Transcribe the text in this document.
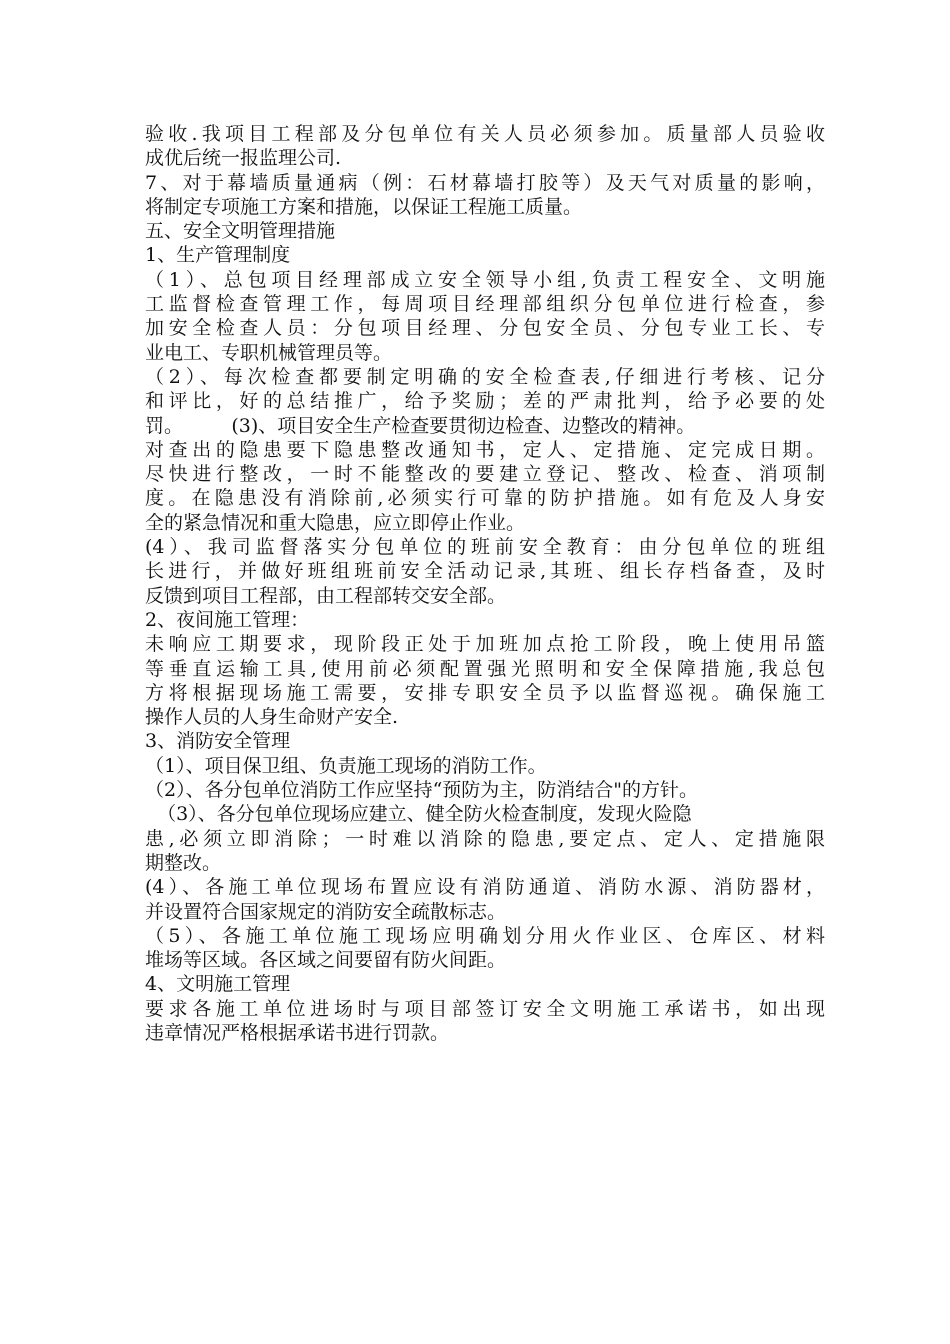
验收.我项目工程部及分包单位有关人员必须参加。质量部人员验收
成优后统一报监理公司.
7、对于幕墙质量通病（例：石材幕墙打胶等）及天气对质量的影响，
将制定专项施工方案和措施，以保证工程施工质量。
五、安全文明管理措施
1、生产管理制度
（1）、总包项目经理部成立安全领导小组,负责工程安全、文明施
工监督检查管理工作，每周项目经理部组织分包单位进行检查，参
加安全检查人员：分包项目经理、分包安全员、分包专业工长、专
业电工、专职机械管理员等。
（2）、每次检查都要制定明确的安全检查表,仔细进行考核、记分
和评比，好的总结推广，给予奖励；差的严肃批判，给予必要的处
罚。        (3)、项目安全生产检查要贯彻边检查、边整改的精神。
对查出的隐患要下隐患整改通知书，定人、定措施、定完成日期。
尽快进行整改，一时不能整改的要建立登记、整改、检查、消项制
度。在隐患没有消除前,必须实行可靠的防护措施。如有危及人身安
全的紧急情况和重大隐患，应立即停止作业。
(4）、我司监督落实分包单位的班前安全教育：由分包单位的班组
长进行，并做好班组班前安全活动记录,其班、组长存档备查，及时
反馈到项目工程部，由工程部转交安全部。
2、夜间施工管理：
未响应工期要求，现阶段正处于加班加点抢工阶段，晚上使用吊篮
等垂直运输工具,使用前必须配置强光照明和安全保障措施,我总包
方将根据现场施工需要，安排专职安全员予以监督巡视。确保施工
操作人员的人身生命财产安全.
3、消防安全管理
（1）、项目保卫组、负责施工现场的消防工作。
（2）、各分包单位消防工作应坚持“预防为主，防消结合"的方针。
（3）、各分包单位现场应建立、健全防火检查制度，发现火险隐
患,必须立即消除；一时难以消除的隐患,要定点、定人、定措施限
期整改。
(4）、各施工单位现场布置应设有消防通道、消防水源、消防器材，
并设置符合国家规定的消防安全疏散标志。
（5）、各施工单位施工现场应明确划分用火作业区、仓库区、材料
堆场等区域。各区域之间要留有防火间距。
4、文明施工管理
要求各施工单位进场时与项目部签订安全文明施工承诺书，如出现
违章情况严格根据承诺书进行罚款。
